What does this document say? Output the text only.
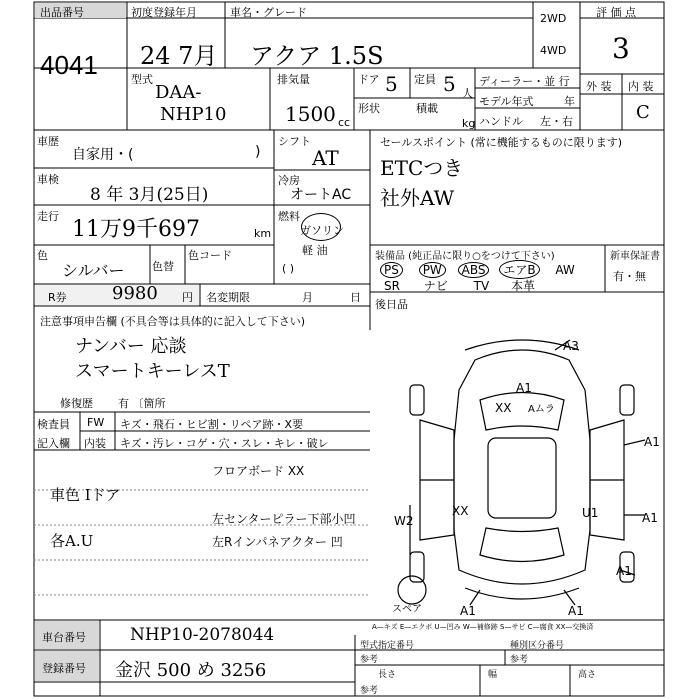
出品番号
4041
初度登録年月
24 7月
車名・グレード
アクア 1.5S
2WD
4WD
評 価 点
3
外 装 内 装
C
型式
DAA-
NHP10
排気量
1500 cc
ドア 5 定員 5 人
形状	積載
kg
ディーラー・並 行
モデル年式	年
ハンドル 左・右
車歴
自家用・(	)
車検
8 年 3月(25日)
走行
11万9千697	km
色
シルバー	色替
色コード
シフト
AT
冷房
オートAC
燃料
ガソリン
軽 油
( )
セールスポイント (常に機能するものに限ります)
ETCつき
社外AW
装備品 (純正品に限り○をつけて下さい)	新車保証書
有・無
PS PW ABS エアB AW
SR ナビ TV 本革
R券	9980 円 名変期限	月	日
後日品
注意事項申告欄 (不具合等は具体的に記入して下さい)
ナンバー 応談
スマートキーレスT
修復歴 有 〔箇所
検査員
記入欄
FW
内装
キズ・飛石・ヒビ割・リペア跡・X要
キズ・汚レ・コゲ・穴・スレ・キレ・破レ
フロアボード XX
車色 Iドア
左センターピラー下部小凹
各A.U	左Rインパネアクター 凹
A3
A1
XX Aムラ
A1
XX	U1	A1
A1
A1	A1
W2
スペア
A—キズ E—エクボ U—凹み W—補修跡 S—サビ C—腐食 XX—交換済
車台番号	NHP10-2078044
登録番号 金沢 500 め 3256
型式指定番号
参考
種別区分番号
参考
長さ
参考
幅	高さ
